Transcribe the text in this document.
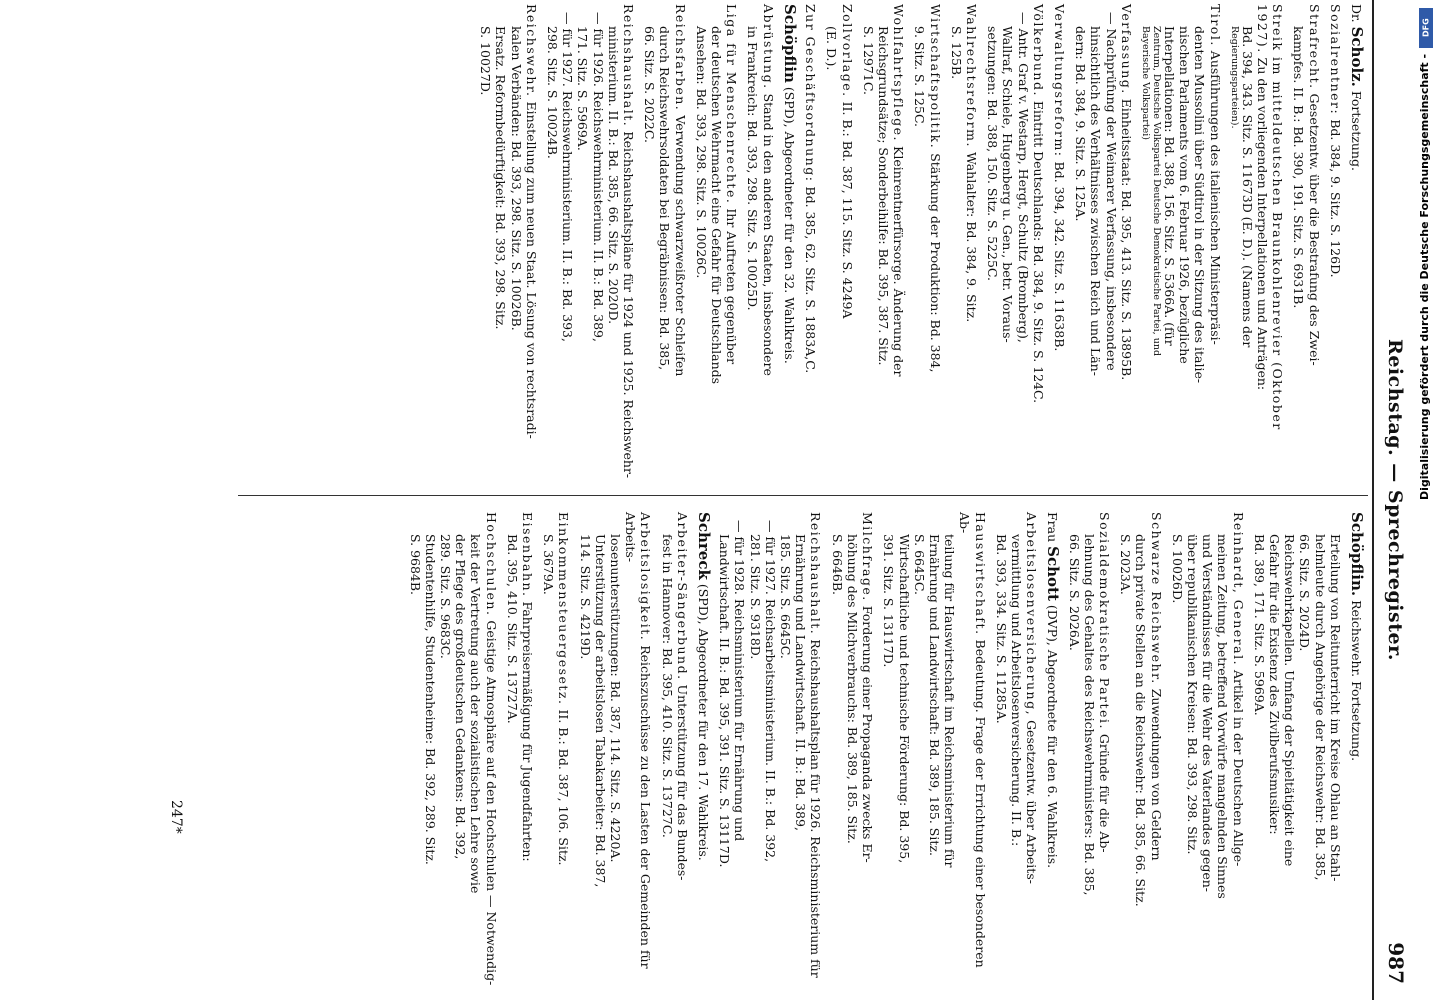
Reichstag. — Sprechregister.
987
Dr. Scholz. Fortsetzung.
Sozialrentner: Bd. 384, 9. Sitz. S. 126D.
Strafrecht. Gesetzentw. über die Bestrafung des Zwei-
kampfes. II. B.: Bd. 390, 191. Sitz. S. 6931B.
Streik im mitteldeutschen Braunkohlenrevier (Oktober 1927). Zu den vorliegenden Interpellationen und Anträgen:
Bd. 394, 343. Sitz. S. 11673D (E. D.). (Namens der
Regierungsparteien).
Tirol. Ausführungen des italienischen Ministerpräsi-
denten Mussolini über Südtirol in der Sitzung des italie-
nischen Parlaments vom 6. Februar 1926, bezügliche
Interpellationen: Bd. 388, 156. Sitz. S. 5366A. (für
Zentrum, Deutsche Volkspartei Deutsche Demokratische Partei, und
Bayerische Volkspartei)
Verfassung. Einheitsstaat: Bd. 395, 413. Sitz. S. 13895B.
— Nachprüfung der Weimarer Verfassung, insbesondere
hinsichtlich des Verhältnisses zwischen Reich und Län-
dern: Bd. 384, 9. Sitz. S. 125A.
Verwaltungsreform: Bd. 394, 342. Sitz. S. 11638B.
Völkerbund. Eintritt Deutschlands: Bd. 384, 9. Sitz. S. 124C.
— Antr. Graf v. Westarp, Hergt, Schultz (Bromberg),
Wallraf, Schiele, Hugenberg u. Gen., betr. Voraus-
setzungen: Bd. 388, 150. Sitz. S. 5225C.
Wahlrechtsreform. Wahlalter: Bd. 384, 9. Sitz.
S. 125B.
Wirtschaftspolitik. Stärkung der Produktion: Bd. 384,
9. Sitz. S. 125C.
Wohlfahrtspflege. Kleinrentnerfürsorge. Änderung der
Reichsgrundsätze; Sonderbeihilfe: Bd. 395, 387. Sitz.
S. 12971C.
Zollvorlage. II. B.: Bd. 387, 115. Sitz. S. 4249A
(E. D.).
Zur Geschäftsordnung: Bd. 385, 62. Sitz. S. 1883A,C.
Schöpflin (SPD), Abgeordneter für den 32. Wahlkreis.
Abrüstung. Stand in den anderen Staaten, insbesondere
in Frankreich: Bd. 393, 298. Sitz. S. 10025D.
Liga für Menschenrechte. Ihr Auftreten gegenüber
der deutschen Wehrmacht eine Gefahr für Deutschlands
Ansehen: Bd. 393, 298. Sitz. S. 10026C.
Reichsfarben. Verwendung schwarzweißroter Schleifen
durch Reichswehrsoldaten bei Begräbnissen: Bd. 385,
66. Sitz. S. 2022C.
Reichshaushalt. Reichshaushaltspläne für 1924 und 1925. Reichswehr-
ministerium. II. B.: Bd. 385, 66. Sitz. S. 2020D.
— für 1926. Reichswehrministerium. II. B.: Bd. 389,
171. Sitz. S. 5969A.
— für 1927. Reichswehrministerium. II. B.: Bd. 393,
298. Sitz. S. 10024B.
Reichswehr. Einstellung zum neuen Staat. Lösung von rechtsradi-
kalen Verbänden: Bd. 393, 298. Sitz. S. 10026B.
Ersatz. Reformbedürftigkeit: Bd. 393, 298. Sitz.
S. 10027D.
Schöpflin. Reichswehr. Fortsetzung.
Erteilung von Reitunterricht im Kreise Ohlau an Stahl-
helmleute durch Angehörige der Reichswehr: Bd. 385,
66. Sitz. S. 2024D.
Reichswehrkapellen. Umfang der Spieltätigkeit eine
Gefahr für die Existenz des Zivilberufsmusiker:
Bd. 389, 171. Sitz. S. 5969A.
Reinhardt, General. Artikel in der Deutschen Allge-
meinen Zeitung, betreffend Vorwürfe mangelnden Sinnes
und Verständnisses für die Wehr des Vaterlandes gegen-
über republikanischen Kreisen: Bd. 393, 298. Sitz.
S. 10026D.
Schwarze Reichswehr. Zuwendungen von Geldern
durch private Stellen an die Reichswehr: Bd. 385, 66. Sitz.
S. 2023A.
Sozialdemokratische Partei. Gründe für die Ab-
lehnung des Gehaltes des Reichswehrministers: Bd. 385,
66. Sitz. S. 2026A.
Frau Schott (DVP), Abgeordnete für den 6. Wahlkreis.
Arbeitslosenversicherung, Gesetzentw. über Arbeits-
vermittlung und Arbeitslosenversicherung. II. B.:
Bd. 393, 334. Sitz. S. 11285A.
Hauswirtschaft. Bedeutung. Frage der Errichtung einer besonderen Ab-
teilung für Hauswirtschaft im Reichsministerium für
Ernährung und Landwirtschaft: Bd. 389, 185. Sitz.
S. 6645C.
Wirtschaftliche und technische Förderung: Bd. 395,
391. Sitz. S. 13117D.
Milchfrage. Forderung einer Propaganda zwecks Er-
höhung des Milchverbrauchs: Bd. 389, 185. Sitz.
S. 6646B.
Reichshaushalt. Reichshaushaltsplan für 1926. Reichsministerium für
Ernährung und Landwirtschaft. II. B.: Bd. 389,
185. Sitz. S. 6645C.
— für 1927. Reichsarbeitsministerium. II. B.: Bd. 392,
281. Sitz. S. 9318D.
— für 1928. Reichsministerium für Ernährung und
Landwirtschaft. II. B.: Bd. 395, 391. Sitz. S. 13117D.
Schreck (SPD), Abgeordneter für den 17. Wahlkreis.
Arbeiter-Sängerbund. Unterstützung für das Bundes-
fest in Hannover: Bd. 395, 410. Sitz. S. 13727C.
Arbeitslosigkeit. Reichszuschüsse zu den Lasten der Gemeinden für Arbeits-
losenunterstützungen: Bd. 387, 114. Sitz. S. 4220A.
Unterstützung der arbeitslosen Tabakarbeiter: Bd. 387,
114. Sitz. S. 4219D.
Einkommensteuergesetz. II. B.: Bd. 387, 106. Sitz.
S. 3679A.
Eisenbahn. Fahrpreisermäßigung für Jugendfahrten:
Bd. 395, 410. Sitz. S. 13727A.
Hochschulen. Geistige Atmosphäre auf den Hochschulen — Notwendig-
keit der Vertretung auch der sozialistischen Lehre sowie
der Pflege des großdeutschen Gedankens: Bd. 392,
289. Sitz. S. 9683C.
Studentenhilfe, Studentenheime: Bd. 392, 289. Sitz.
S. 9684B.
247*
DFG
Digitalisierung gefördert durch die Deutsche Forschungsgemeinschaft -
